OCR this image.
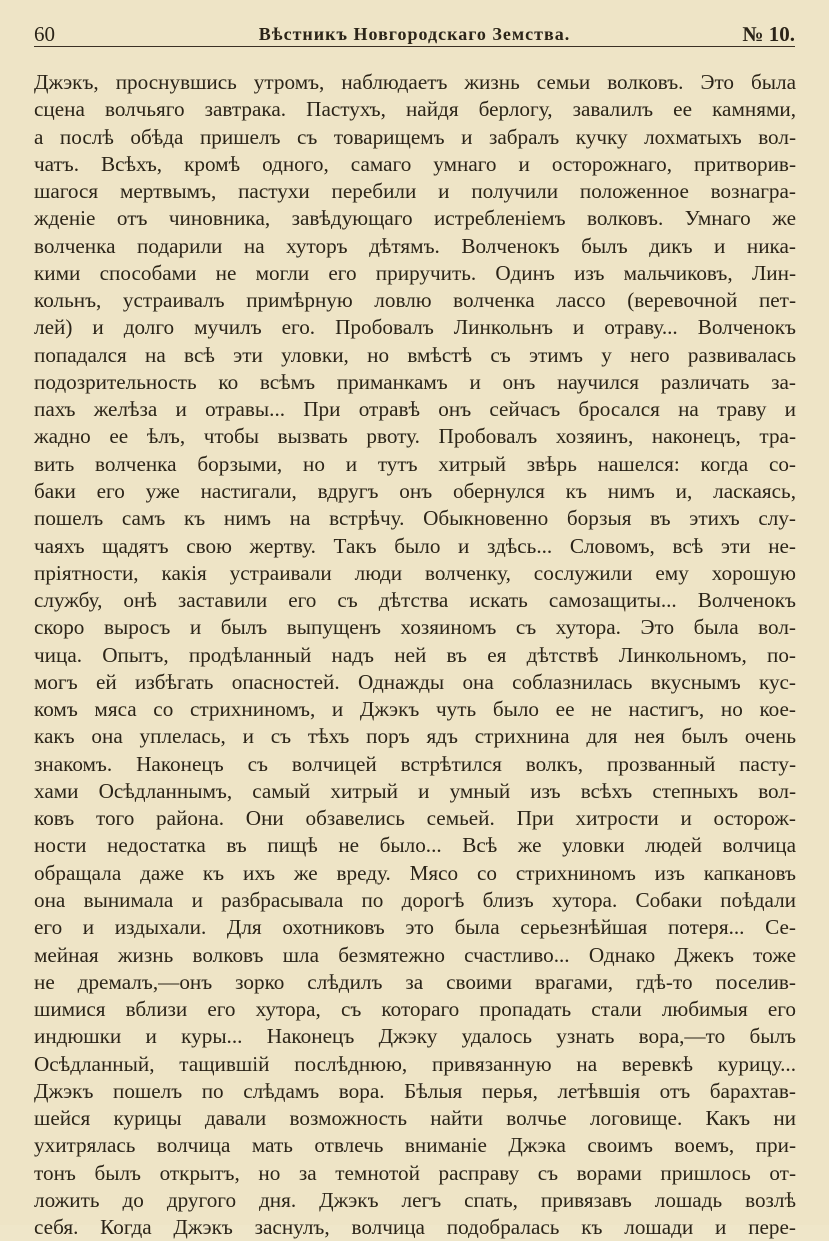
60	Вѣстникъ Новгородскаго Земства.	№ 10.
Джэкъ, проснувшись утромъ, наблюдаетъ жизнь семьи волковъ. Это была
сцена волчьяго завтрака. Пастухъ, найдя берлогу, завалилъ ее камнями,
а послѣ обѣда пришелъ съ товарищемъ и забралъ кучку лохматыхъ вол-
чатъ. Всѣхъ, кромѣ одного, самаго умнаго и осторожнаго, притворив-
шагося мертвымъ, пастухи перебили и получили положенное вознагра-
жденіе отъ чиновника, завѣдующаго истребленіемъ волковъ. Умнаго же
волченка подарили на хуторъ дѣтямъ. Волченокъ былъ дикъ и ника-
кими способами не могли его приручить. Одинъ изъ мальчиковъ, Лин-
кольнъ, устраивалъ примѣрную ловлю волченка лассо (веревочной пет-
лей) и долго мучилъ его. Пробовалъ Линкольнъ и отраву... Волченокъ
попадался на всѣ эти уловки, но вмѣстѣ съ этимъ у него развивалась
подозрительность ко всѣмъ приманкамъ и онъ научился различать за-
пахъ желѣза и отравы... При отравѣ онъ сейчасъ бросался на траву и
жадно ее ѣлъ, чтобы вызвать рвоту. Пробовалъ хозяинъ, наконецъ, тра-
вить волченка борзыми, но и тутъ хитрый звѣрь нашелся: когда со-
баки его уже настигали, вдругъ онъ обернулся къ нимъ и, ласкаясь,
пошелъ самъ къ нимъ на встрѣчу. Обыкновенно борзыя въ этихъ слу-
чаяхъ щадятъ свою жертву. Такъ было и здѣсь... Словомъ, всѣ эти не-
пріятности, какія устраивали люди волченку, сослужили ему хорошую
службу, онѣ заставили его съ дѣтства искать самозащиты... Волченокъ
скоро выросъ и былъ выпущенъ хозяиномъ съ хутора. Это была вол-
чица. Опытъ, продѣланный надъ ней въ ея дѣтствѣ Линкольномъ, по-
могъ ей избѣгать опасностей. Однажды она соблазнилась вкуснымъ кус-
комъ мяса со стрихниномъ, и Джэкъ чуть было ее не настигъ, но кое-
какъ она уплелась, и съ тѣхъ поръ ядъ стрихнина для нея былъ очень
знакомъ. Наконецъ съ волчицей встрѣтился волкъ, прозванный пасту-
хами Осѣдланнымъ, самый хитрый и умный изъ всѣхъ степныхъ вол-
ковъ того района. Они обзавелись семьей. При хитрости и осторож-
ности недостатка въ пищѣ не было... Всѣ же уловки людей волчица
обращала даже къ ихъ же вреду. Мясо со стрихниномъ изъ капкановъ
она вынимала и разбрасывала по дорогѣ близъ хутора. Собаки поѣдали
его и издыхали. Для охотниковъ это была серьезнѣйшая потеря... Се-
мейная жизнь волковъ шла безмятежно счастливо... Однако Джекъ тоже
не дремалъ,—онъ зорко слѣдилъ за своими врагами, гдѣ-то поселив-
шимися вблизи его хутора, съ котораго пропадать стали любимыя его
индюшки и куры... Наконецъ Джэку удалось узнать вора,—то былъ
Осѣдланный, тащившій послѣднюю, привязанную на веревкѣ курицу...
Джэкъ пошелъ по слѣдамъ вора. Бѣлыя перья, летѣвшія отъ барахтав-
шейся курицы давали возможность найти волчье логовище. Какъ ни
ухитрялась волчица мать отвлечь вниманіе Джэка своимъ воемъ, при-
тонъ былъ открытъ, но за темнотой расправу съ ворами пришлось от-
ложить до другого дня. Джэкъ легъ спать, привязавъ лошадь возлѣ
себя. Когда Джэкъ заснулъ, волчица подобралась къ лошади и пере-
